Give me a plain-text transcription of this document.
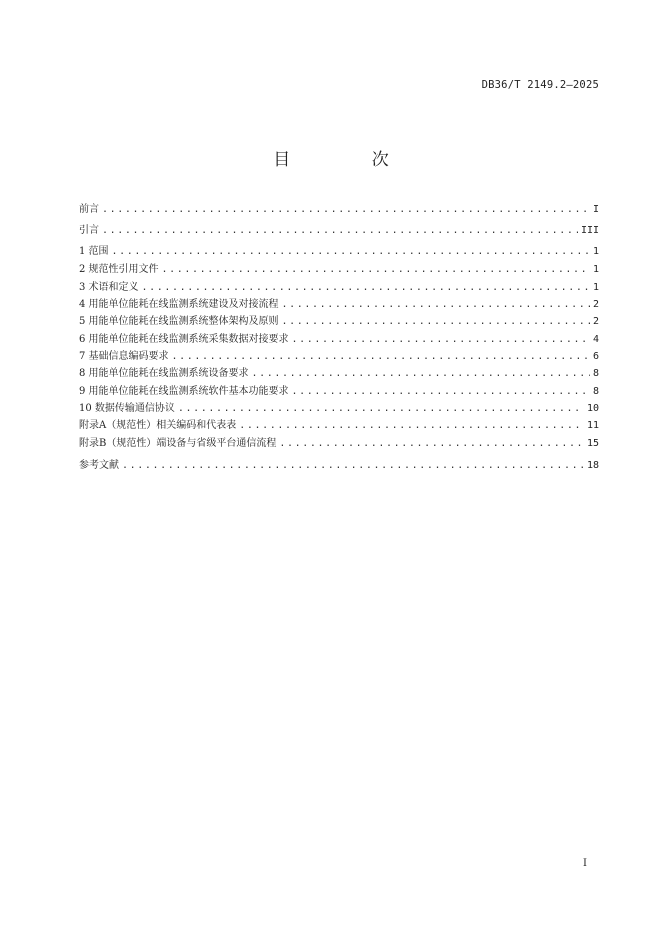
DB36/T 2149.2—2025
目 次
前言 .....	I
引言 .....	III
1 范围 .....	1
2 规范性引用文件 .....	1
3 术语和定义 .....	1
4 用能单位能耗在线监测系统建设及对接流程 .....	2
5 用能单位能耗在线监测系统整体架构及原则 .....	2
6 用能单位能耗在线监测系统采集数据对接要求 .....	4
7 基础信息编码要求 .....	6
8 用能单位能耗在线监测系统设备要求 .....	8
9 用能单位能耗在线监测系统软件基本功能要求 .....	8
10 数据传输通信协议 .....	10
附录A（规范性）相关编码和代表表 .....	11
附录B（规范性）端设备与省级平台通信流程 .....	15
参考文献 .....	18
I
